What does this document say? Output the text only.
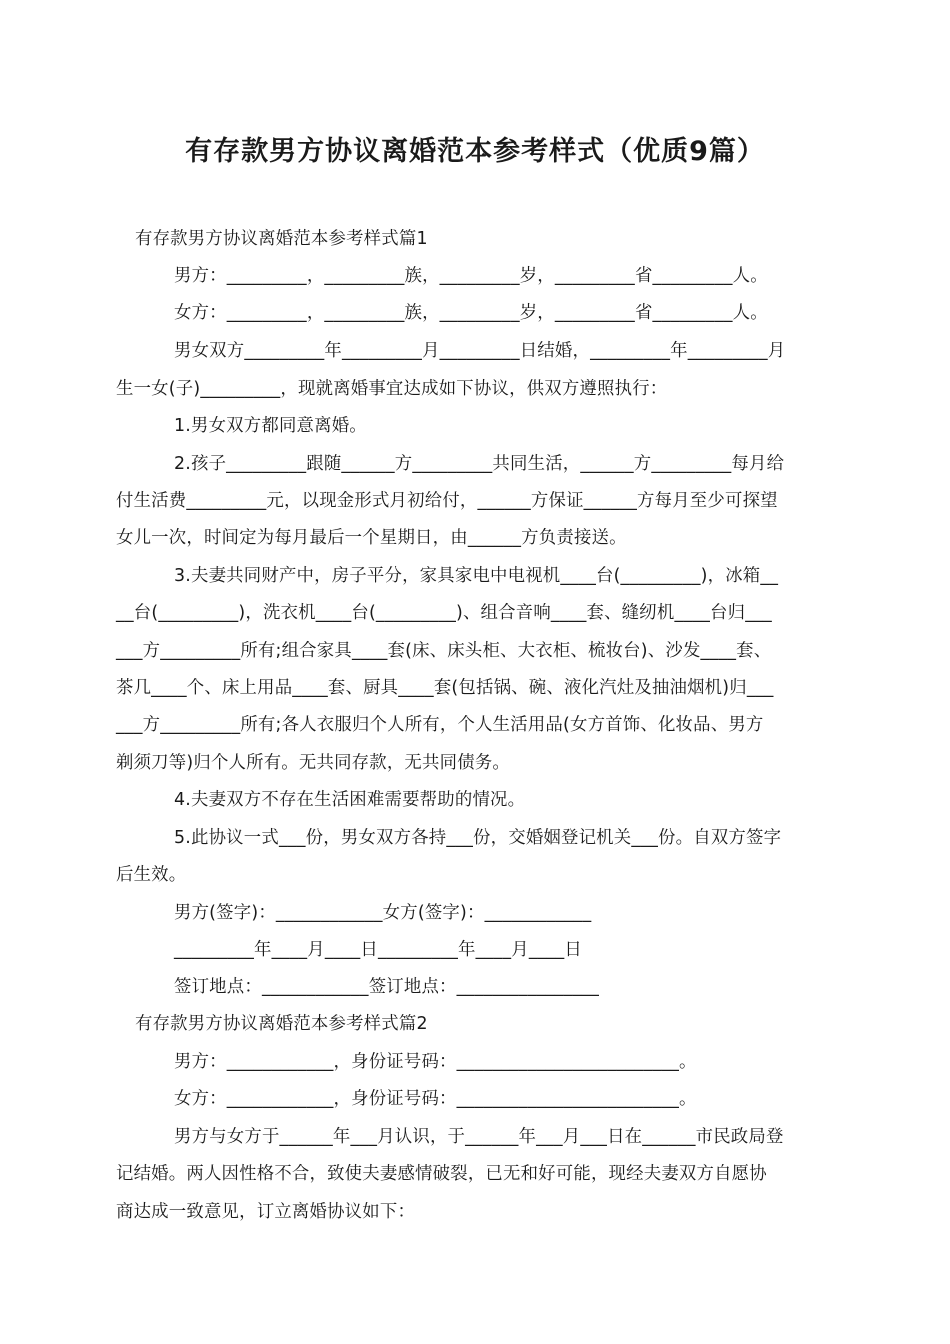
有存款男方协议离婚范本参考样式（优质9篇）
有存款男方协议离婚范本参考样式篇1
男方：_________，_________族，_________岁，_________省_________人。
女方：_________，_________族，_________岁，_________省_________人。
男女双方_________年_________月_________日结婚，_________年_________月
生一女(子)_________，现就离婚事宜达成如下协议，供双方遵照执行：
1.男女双方都同意离婚。
2.孩子_________跟随______方_________共同生活，______方_________每月给
付生活费_________元，以现金形式月初给付，______方保证______方每月至少可探望
女儿一次，时间定为每月最后一个星期日，由______方负责接送。
3.夫妻共同财产中，房子平分，家具家电中电视机____台(_________)，冰箱__
__台(_________)，洗衣机____台(_________)、组合音响____套、缝纫机____台归___
___方_________所有;组合家具____套(床、床头柜、大衣柜、梳妆台)、沙发____套、
茶几____个、床上用品____套、厨具____套(包括锅、碗、液化汽灶及抽油烟机)归___
___方_________所有;各人衣服归个人所有，个人生活用品(女方首饰、化妆品、男方
剃须刀等)归个人所有。无共同存款，无共同债务。
4.夫妻双方不存在生活困难需要帮助的情况。
5.此协议一式___份，男女双方各持___份，交婚姻登记机关___份。自双方签字
后生效。
男方(签字)：____________女方(签字)：____________
_________年____月____日_________年____月____日
签订地点：____________签订地点：________________
有存款男方协议离婚范本参考样式篇2
男方：____________，身份证号码：_________________________。
女方：____________，身份证号码：_________________________。
男方与女方于______年___月认识，于______年___月___日在______市民政局登
记结婚。两人因性格不合，致使夫妻感情破裂，已无和好可能，现经夫妻双方自愿协
商达成一致意见，订立离婚协议如下：
